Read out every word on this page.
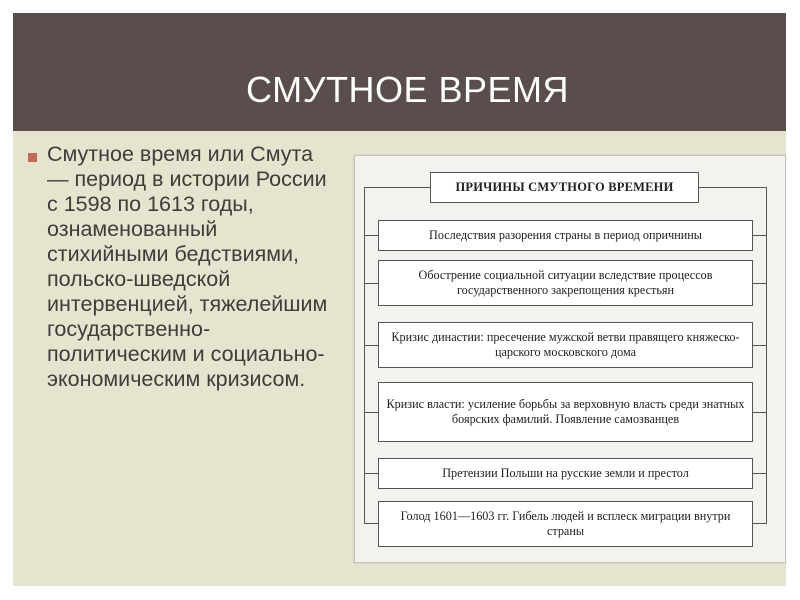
СМУТНОЕ ВРЕМЯ
Смутное время или Смута — период в истории России с 1598 по 1613 годы, ознаменованный стихийными бедствиями, польско-шведской интервенцией, тяжелейшим государственно-политическим и социально-экономическим кризисом.
ПРИЧИНЫ СМУТНОГО ВРЕМЕНИ
Последствия разорения страны в период опричнины
Обострение социальной ситуации вследствие процессов государственного закрепощения крестьян
Кризис династии: пресечение мужской ветви правящего княжеско-царского московского дома
Кризис власти: усиление борьбы за верховную власть среди знатных боярских фамилий. Появление самозванцев
Претензии Польши на русские земли и престол
Голод 1601—1603 гг. Гибель людей и всплеск миграции внутри страны
